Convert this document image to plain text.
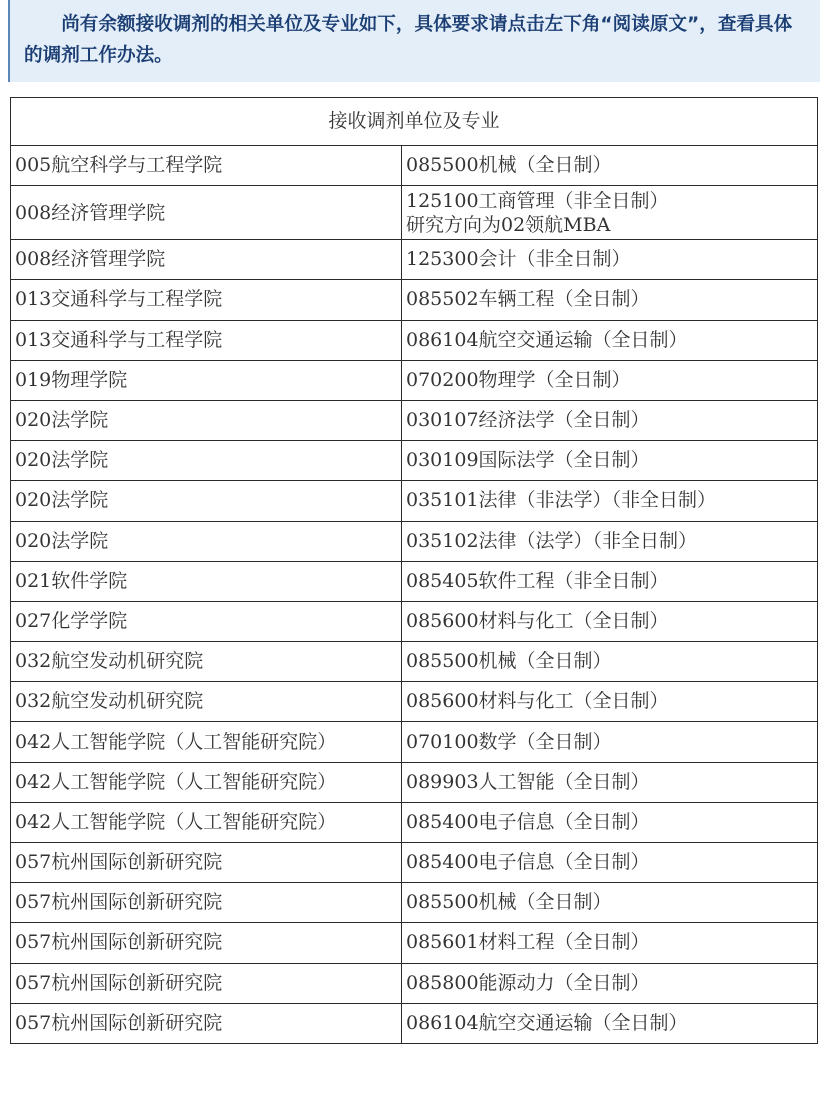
尚有余额接收调剂的相关单位及专业如下，具体要求请点击左下角“阅读原文”，查看具体的调剂工作办法。
接收调剂单位及专业	
005航空科学与工程学院	085500机械（全日制）
008经济管理学院	125100工商管理（非全日制）
研究方向为02领航MBA

008经济管理学院	125300会计（非全日制）
013交通科学与工程学院	085502车辆工程（全日制）
013交通科学与工程学院	086104航空交通运输（全日制）
019物理学院	070200物理学（全日制）
020法学院	030107经济法学（全日制）
020法学院	030109国际法学（全日制）
020法学院	035101法律（非法学）（非全日制）
020法学院	035102法律（法学）（非全日制）
021软件学院	085405软件工程（非全日制）
027化学学院	085600材料与化工（全日制）
032航空发动机研究院	085500机械（全日制）
032航空发动机研究院	085600材料与化工（全日制）
042人工智能学院（人工智能研究院）	070100数学（全日制）
042人工智能学院（人工智能研究院）	089903人工智能（全日制）
042人工智能学院（人工智能研究院）	085400电子信息（全日制）
057杭州国际创新研究院	085400电子信息（全日制）
057杭州国际创新研究院	085500机械（全日制）
057杭州国际创新研究院	085601材料工程（全日制）
057杭州国际创新研究院	085800能源动力（全日制）
057杭州国际创新研究院	086104航空交通运输（全日制）
